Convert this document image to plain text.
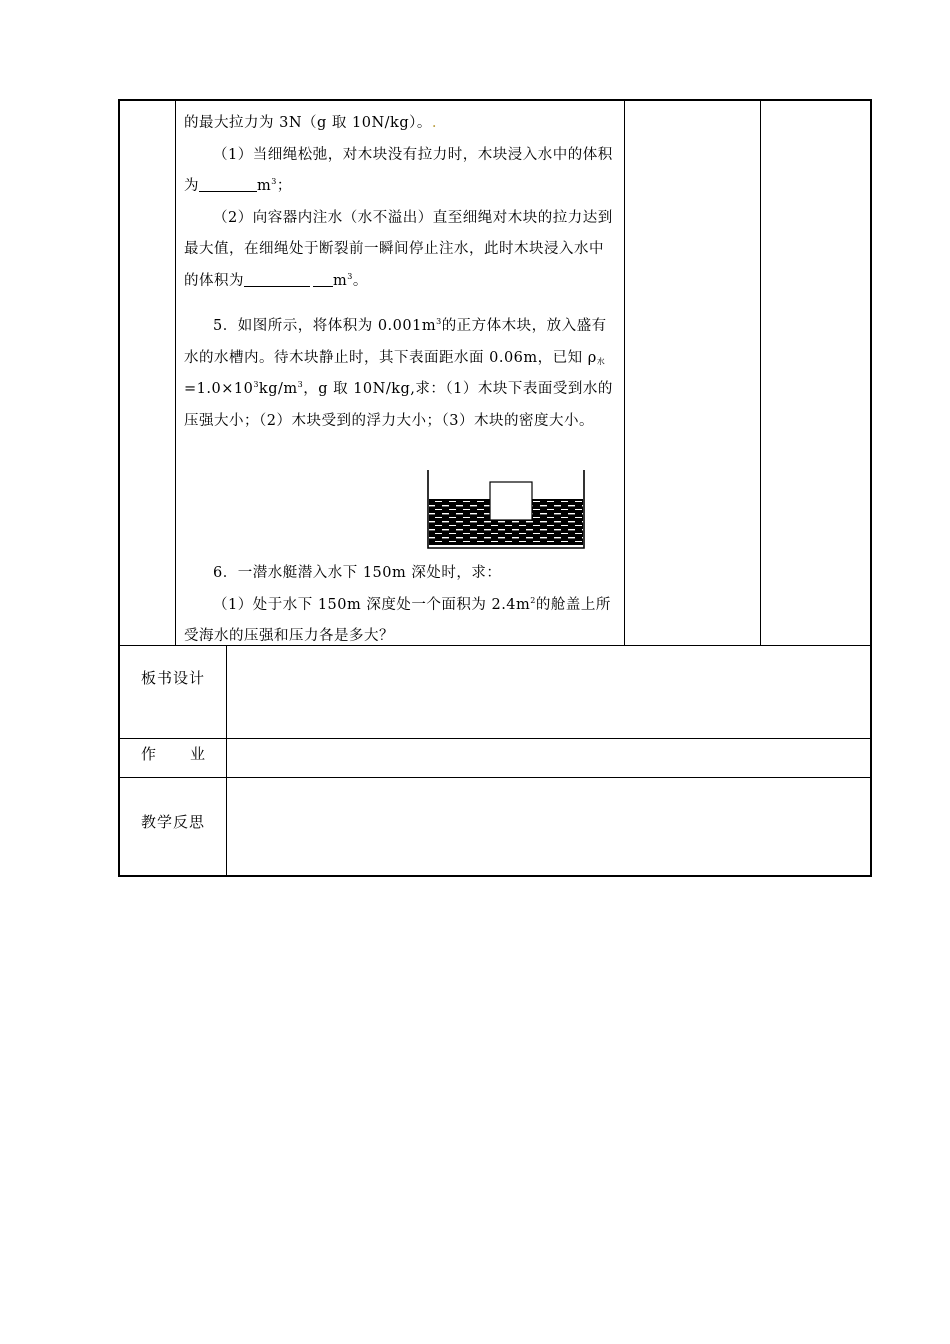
的最大拉力为 3N（g 取 10N/kg）。.

（1）当细绳松弛，对木块没有拉力时，木块浸入水中的体积为	$m^3$；

（2）向容器内注水（水不溢出）直至细绳对木块的拉力达到最大值，在细绳处于断裂前一瞬间停止注水，此时木块浸入水中的体积为	$m^3$。

5．如图所示，将体积为 $0.001m^3$的正方体木块，放入盛有水的水槽内。待木块静止时，其下表面距水面 0.06m，已知 $\rho_水=1.0\times 10^3kg/m^3$，g 取 10N/kg,求：（1）木块下表面受到水的压强大小；（2）木块受到的浮力大小；（3）木块的密度大小。

6．一潜水艇潜入水下 150m 深处时，求：

（1）处于水下 150m 深度处一个面积为 $2.4m^2$的舱盖上所受海水的压强和压力各是多大？

板书设计
作 业
教学反思
